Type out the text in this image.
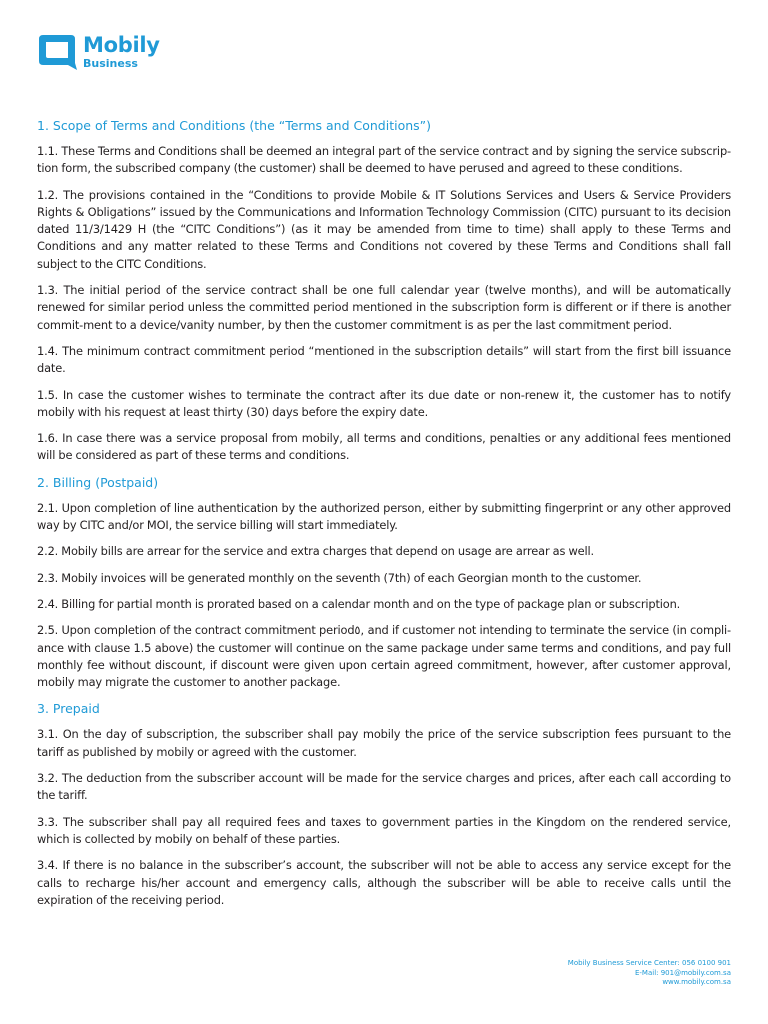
Mobily
Business
1. Scope of Terms and Conditions (the “Terms and Conditions”)

1.1. These Terms and Conditions shall be deemed an integral part of the service contract and by signing the service subscrip-tion form, the subscribed company (the customer) shall be deemed to have perused and agreed to these conditions.

1.2. The provisions contained in the “Conditions to provide Mobile & IT Solutions Services and Users & Service Providers Rights & Obligations” issued by the Communications and Information Technology Commission (CITC) pursuant to its decision dated 11/3/1429 H (the “CITC Conditions”) (as it may be amended from time to time) shall apply to these Terms and Conditions and any matter related to these Terms and Conditions not covered by these Terms and Conditions shall fall subject to the CITC Conditions.

1.3. The initial period of the service contract shall be one full calendar year (twelve months), and will be automatically renewed for similar period unless the committed period mentioned in the subscription form is different or if there is another commit-ment to a device/vanity number, by then the customer commitment is as per the last commitment period.

1.4. The minimum contract commitment period “mentioned in the subscription details” will start from the first bill issuance date.

1.5. In case the customer wishes to terminate the contract after its due date or non-renew it, the customer has to notify mobily with his request at least thirty (30) days before the expiry date.

1.6. In case there was a service proposal from mobily, all terms and conditions, penalties or any additional fees mentioned will be considered as part of these terms and conditions.

2. Billing (Postpaid)

2.1. Upon completion of line authentication by the authorized person, either by submitting fingerprint or any other approved way by CITC and/or MOI, the service billing will start immediately.

2.2. Mobily bills are arrear for the service and extra charges that depend on usage are arrear as well.

2.3. Mobily invoices will be generated monthly on the seventh (7th) of each Georgian month to the customer.

2.4. Billing for partial month is prorated based on a calendar month and on the type of package plan or subscription.

2.5. Upon completion of the contract commitment period٥, and if customer not intending to terminate the service (in compli-ance with clause 1.5 above) the customer will continue on the same package under same terms and conditions, and pay full monthly fee without discount, if discount were given upon certain agreed commitment, however, after customer approval, mobily may migrate the customer to another package.

3. Prepaid

3.1. On the day of subscription, the subscriber shall pay mobily the price of the service subscription fees pursuant to the tariff as published by mobily or agreed with the customer.

3.2. The deduction from the subscriber account will be made for the service charges and prices, after each call according to the tariff.

3.3. The subscriber shall pay all required fees and taxes to government parties in the Kingdom on the rendered service, which is collected by mobily on behalf of these parties.

3.4. If there is no balance in the subscriber’s account, the subscriber will not be able to access any service except for the calls to recharge his/her account and emergency calls, although the subscriber will be able to receive calls until the expiration of the receiving period.

Mobily Business Service Center: 056 0100 901
E-Mail: 901@mobily.com.sa
www.mobily.com.sa
